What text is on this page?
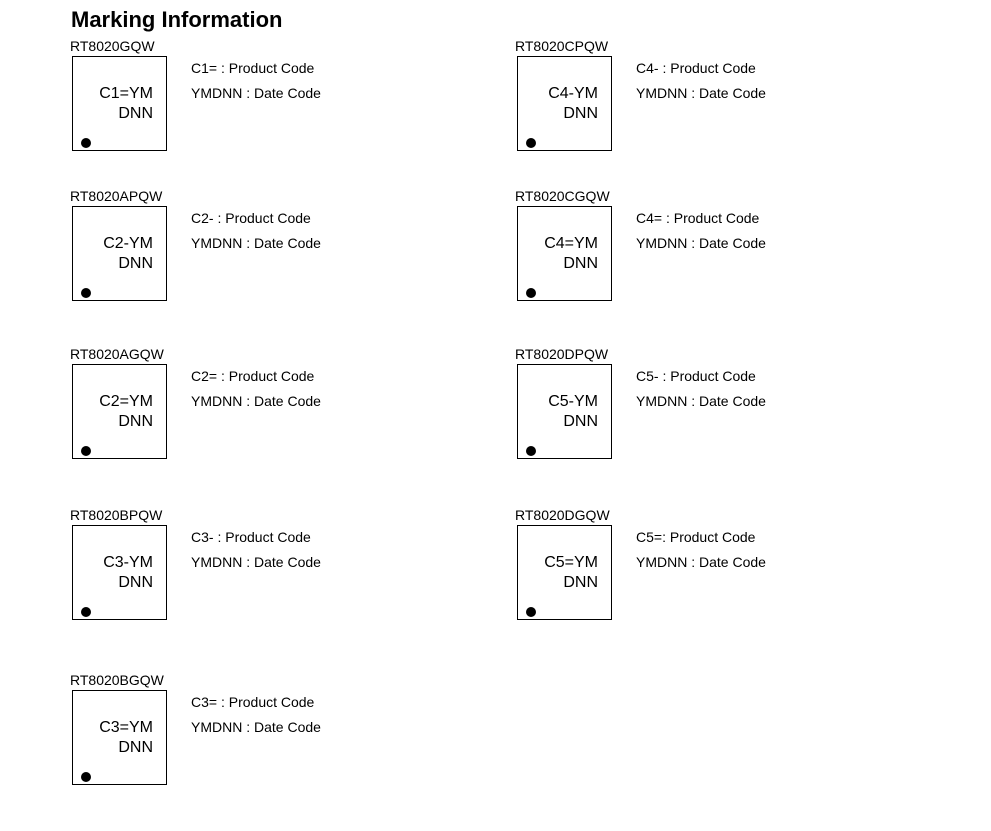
Marking Information
RT8020GQW
C1=YM
DNN
C1= : Product Code
YMDNN : Date Code
RT8020CPQW
C4-YM
DNN
C4- : Product Code
YMDNN : Date Code
RT8020APQW
C2-YM
DNN
C2- : Product Code
YMDNN : Date Code
RT8020CGQW
C4=YM
DNN
C4= : Product Code
YMDNN : Date Code
RT8020AGQW
C2=YM
DNN
C2= : Product Code
YMDNN : Date Code
RT8020DPQW
C5-YM
DNN
C5- : Product Code
YMDNN : Date Code
RT8020BPQW
C3-YM
DNN
C3- : Product Code
YMDNN : Date Code
RT8020DGQW
C5=YM
DNN
C5=: Product Code
YMDNN : Date Code
RT8020BGQW
C3=YM
DNN
C3= : Product Code
YMDNN : Date Code
